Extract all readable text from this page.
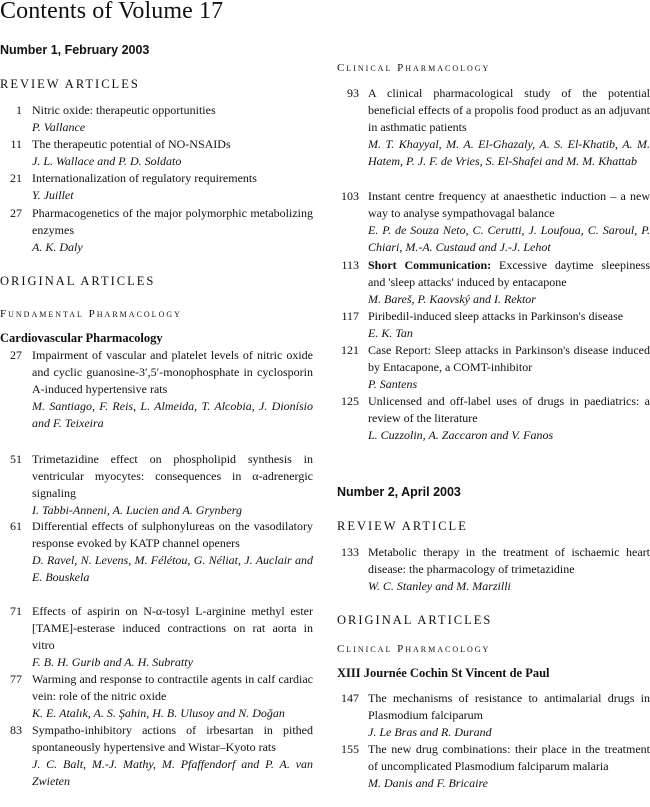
Contents of Volume 17
Number 1, February 2003
REVIEW ARTICLES
1 Nitric oxide: therapeutic opportunities
P. Vallance
11 The therapeutic potential of NO-NSAIDs
J. L. Wallace and P. D. Soldato
21 Internationalization of regulatory requirements
Y. Juillet
27 Pharmacogenetics of the major polymorphic metabolizing enzymes
A. K. Daly
ORIGINAL ARTICLES
Fundamental Pharmacology
Cardiovascular Pharmacology
27 Impairment of vascular and platelet levels of nitric oxide and cyclic guanosine-3′,5′-monophosphate in cyclosporin A-induced hypertensive rats
M. Santiago, F. Reis, L. Almeida, T. Alcobia, J. Dionísio and F. Teixeira
51 Trimetazidine effect on phospholipid synthesis in ventricular myocytes: consequences in α-adrenergic signaling
I. Tabbi-Anneni, A. Lucien and A. Grynberg
61 Differential effects of sulphonylureas on the vasodilatory response evoked by KATP channel openers
D. Ravel, N. Levens, M. Félétou, G. Néliat, J. Auclair and E. Bouskela
71 Effects of aspirin on N-α-tosyl L-arginine methyl ester [TAME]-esterase induced contractions on rat aorta in vitro
F. B. H. Gurib and A. H. Subratty
77 Warming and response to contractile agents in calf cardiac vein: role of the nitric oxide
K. E. Atalık, A. S. Şahin, H. B. Ulusoy and N. Doğan
83 Sympatho-inhibitory actions of irbesartan in pithed spontaneously hypertensive and Wistar–Kyoto rats
J. C. Balt, M.-J. Mathy, M. Pfaffendorf and P. A. van Zwieten
Clinical Pharmacology
93 A clinical pharmacological study of the potential beneficial effects of a propolis food product as an adjuvant in asthmatic patients
M. T. Khayyal, M. A. El-Ghazaly, A. S. El-Khatib, A. M. Hatem, P. J. F. de Vries, S. El-Shafei and M. M. Khattab
103 Instant centre frequency at anaesthetic induction – a new way to analyse sympathovagal balance
E. P. de Souza Neto, C. Cerutti, J. Loufoua, C. Saroul, P. Chiari, M.-A. Custaud and J.-J. Lehot
113 Short Communication: Excessive daytime sleepiness and 'sleep attacks' induced by entacapone
M. Bareš, P. Kaovský and I. Rektor
117 Piribedil-induced sleep attacks in Parkinson's disease
E. K. Tan
121 Case Report: Sleep attacks in Parkinson's disease induced by Entacapone, a COMT-inhibitor
P. Santens
125 Unlicensed and off-label uses of drugs in paediatrics: a review of the literature
L. Cuzzolin, A. Zaccaron and V. Fanos
Number 2, April 2003
REVIEW ARTICLE
133 Metabolic therapy in the treatment of ischaemic heart disease: the pharmacology of trimetazidine
W. C. Stanley and M. Marzilli
ORIGINAL ARTICLES
Clinical Pharmacology
XIII Journée Cochin St Vincent de Paul
147 The mechanisms of resistance to antimalarial drugs in Plasmodium falciparum
J. Le Bras and R. Durand
155 The new drug combinations: their place in the treatment of uncomplicated Plasmodium falciparum malaria
M. Danis and F. Bricaire
